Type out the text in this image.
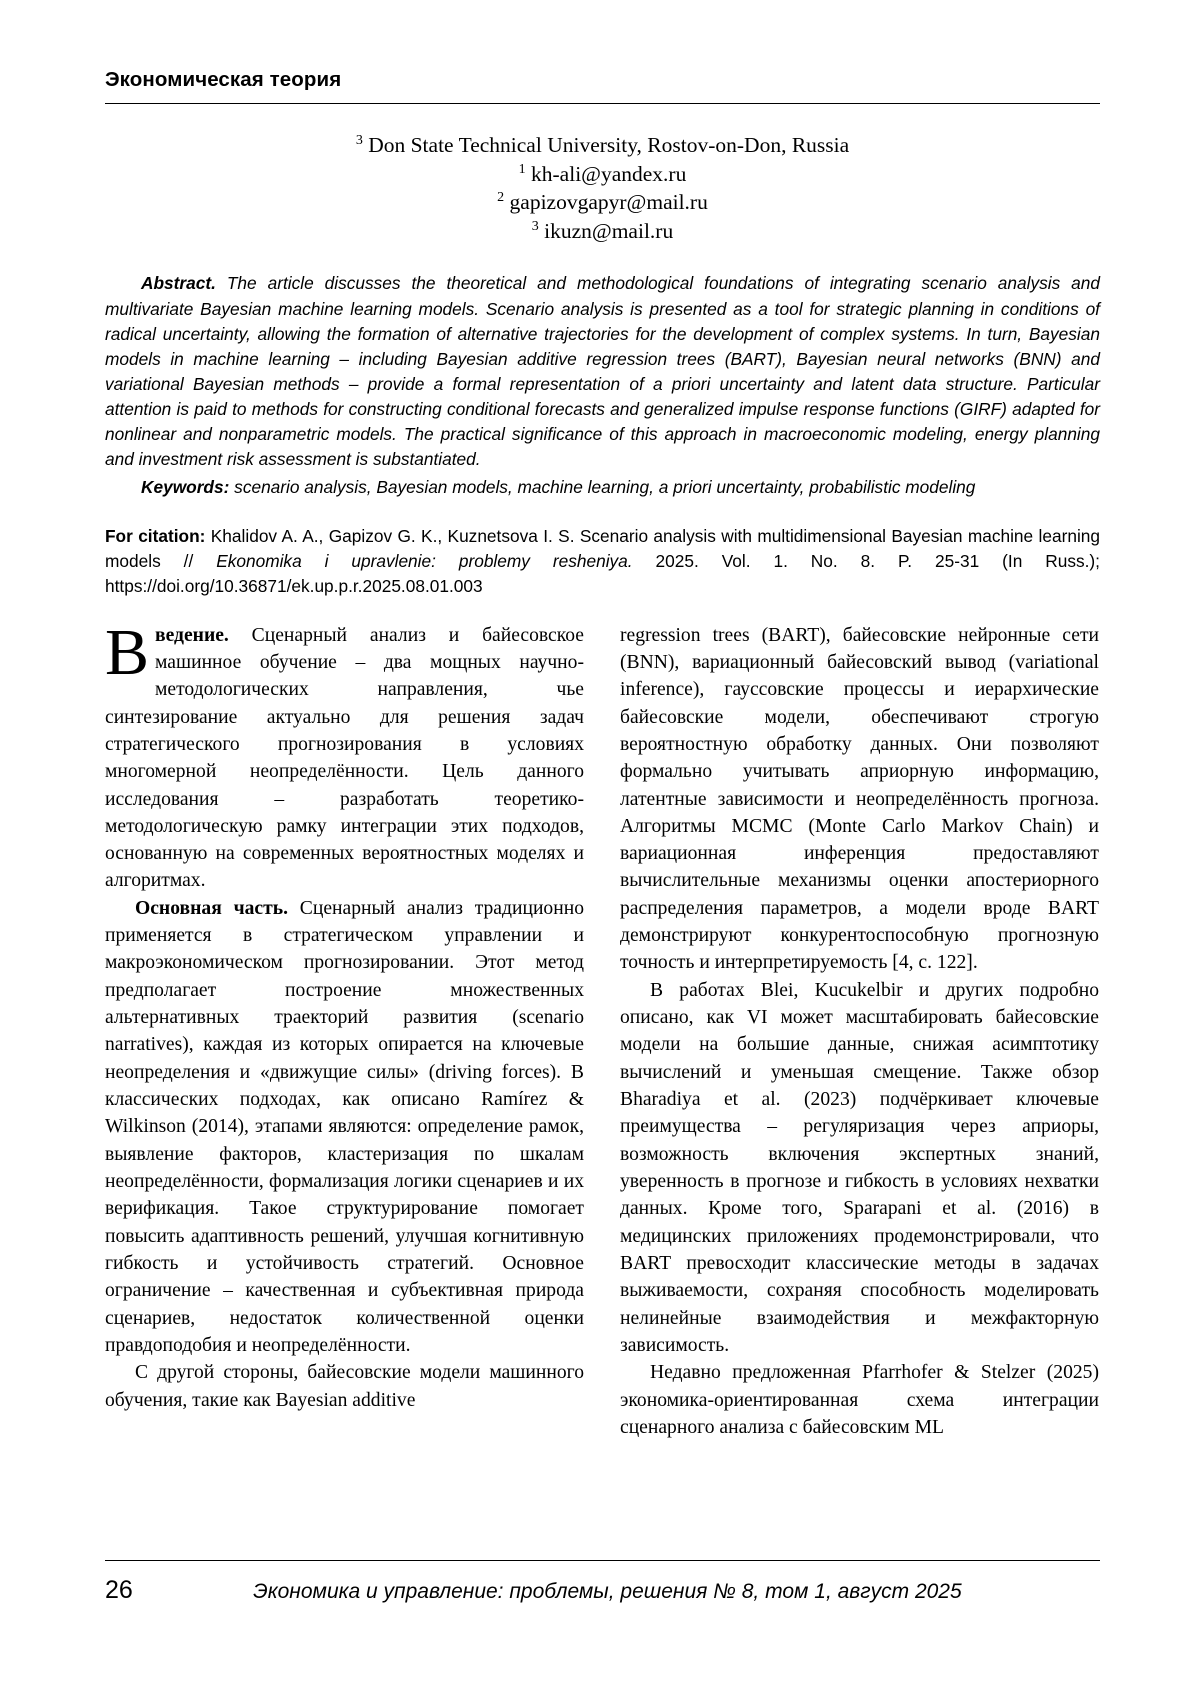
Экономическая теория
$^3$ Don State Technical University, Rostov-on-Don, Russia
$^1$ kh-ali@yandex.ru
$^2$ gapizovgapyr@mail.ru
$^3$ ikuzn@mail.ru
Abstract. The article discusses the theoretical and methodological foundations of integrating scenario analysis and multivariate Bayesian machine learning models. Scenario analysis is presented as a tool for strategic planning in conditions of radical uncertainty, allowing the formation of alternative trajectories for the development of complex systems. In turn, Bayesian models in machine learning – including Bayesian additive regression trees (BART), Bayesian neural networks (BNN) and variational Bayesian methods – provide a formal representation of a priori uncertainty and latent data structure. Particular attention is paid to methods for constructing conditional forecasts and generalized impulse response functions (GIRF) adapted for nonlinear and nonparametric models. The practical significance of this approach in macroeconomic modeling, energy planning and investment risk assessment is substantiated.
Keywords: scenario analysis, Bayesian models, machine learning, a priori uncertainty, probabilistic modeling
For citation: Khalidov A. A., Gapizov G. K., Kuznetsova I. S. Scenario analysis with multidimensional Bayesian machine learning models // Ekonomika i upravlenie: problemy resheniya. 2025. Vol. 1. No. 8. P. 25-31 (In Russ.); https://doi.org/10.36871/ek.up.p.r.2025.08.01.003

Введение. Сценарный анализ и байесовское машинное обучение – два мощных научно-методологических направления, чье синтезирование актуально для решения задач стратегического прогнозирования в условиях многомерной неопределённости. Цель данного исследования – разработать теоретико-методологическую рамку интеграции этих подходов, основанную на современных вероятностных моделях и алгоритмах.

Основная часть. Сценарный анализ традиционно применяется в стратегическом управлении и макроэкономическом прогнозировании. Этот метод предполагает построение множественных альтернативных траекторий развития (scenario narratives), каждая из которых опирается на ключевые неопределения и «движущие силы» (driving forces). В классических подходах, как описано Ramírez & Wilkinson (2014), этапами являются: определение рамок, выявление факторов, кластеризация по шкалам неопределённости, формализация логики сценариев и их верификация. Такое структурирование помогает повысить адаптивность решений, улучшая когнитивную гибкость и устойчивость стратегий. Основное ограничение – качественная и субъективная природа сценариев, недостаток количественной оценки правдоподобия и неопределённости.

С другой стороны, байесовские модели машинного обучения, такие как Bayesian additive

regression trees (BART), байесовские нейронные сети (BNN), вариационный байесовский вывод (variational inference), гауссовские процессы и иерархические байесовские модели, обеспечивают строгую вероятностную обработку данных. Они позволяют формально учитывать априорную информацию, латентные зависимости и неопределённость прогноза. Алгоритмы MCMC (Monte Carlo Markov Chain) и вариационная инференция предоставляют вычислительные механизмы оценки апостериорного распределения параметров, а модели вроде BART демонстрируют конкурентоспособную прогнозную точность и интерпретируемость [4, с. 122].

В работах Blei, Kucukelbir и других подробно описано, как VI может масштабировать байесовские модели на большие данные, снижая асимптотику вычислений и уменьшая смещение. Также обзор Bharadiya et al. (2023) подчёркивает ключевые преимущества – регуляризация через априоры, возможность включения экспертных знаний, уверенность в прогнозе и гибкость в условиях нехватки данных. Кроме того, Sparapani et al. (2016) в медицинских приложениях продемонстрировали, что BART превосходит классические методы в задачах выживаемости, сохраняя способность моделировать нелинейные взаимодействия и межфакторную зависимость.

Недавно предложенная Pfarrhofer & Stelzer (2025) экономика-ориентированная схема интеграции сценарного анализа с байесовским ML

26	Экономика и управление: проблемы, решения № 8, том 1, август 2025
